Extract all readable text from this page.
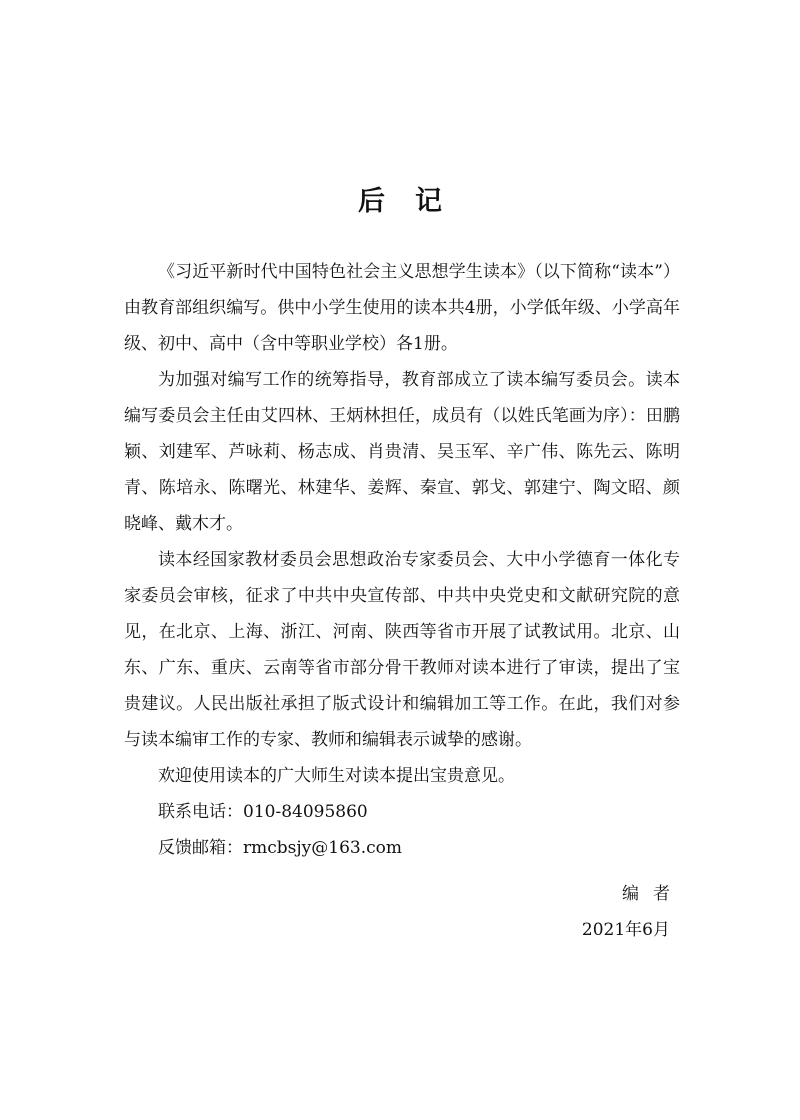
后记

《习近平新时代中国特色社会主义思想学生读本》（以下简称“读本”）由教育部组织编写。供中小学生使用的读本共4册，小学低年级、小学高年级、初中、高中（含中等职业学校）各1册。

为加强对编写工作的统筹指导，教育部成立了读本编写委员会。读本编写委员会主任由艾四林、王炳林担任，成员有（以姓氏笔画为序）：田鹏颖、刘建军、芦咏莉、杨志成、肖贵清、吴玉军、辛广伟、陈先云、陈明青、陈培永、陈曙光、林建华、姜辉、秦宣、郭戈、郭建宁、陶文昭、颜晓峰、戴木才。

读本经国家教材委员会思想政治专家委员会、大中小学德育一体化专家委员会审核，征求了中共中央宣传部、中共中央党史和文献研究院的意见，在北京、上海、浙江、河南、陕西等省市开展了试教试用。北京、山东、广东、重庆、云南等省市部分骨干教师对读本进行了审读，提出了宝贵建议。人民出版社承担了版式设计和编辑加工等工作。在此，我们对参与读本编审工作的专家、教师和编辑表示诚挚的感谢。

欢迎使用读本的广大师生对读本提出宝贵意见。

联系电话：010-84095860
反馈邮箱：rmcbsjy@163.com
编者
2021年6月
